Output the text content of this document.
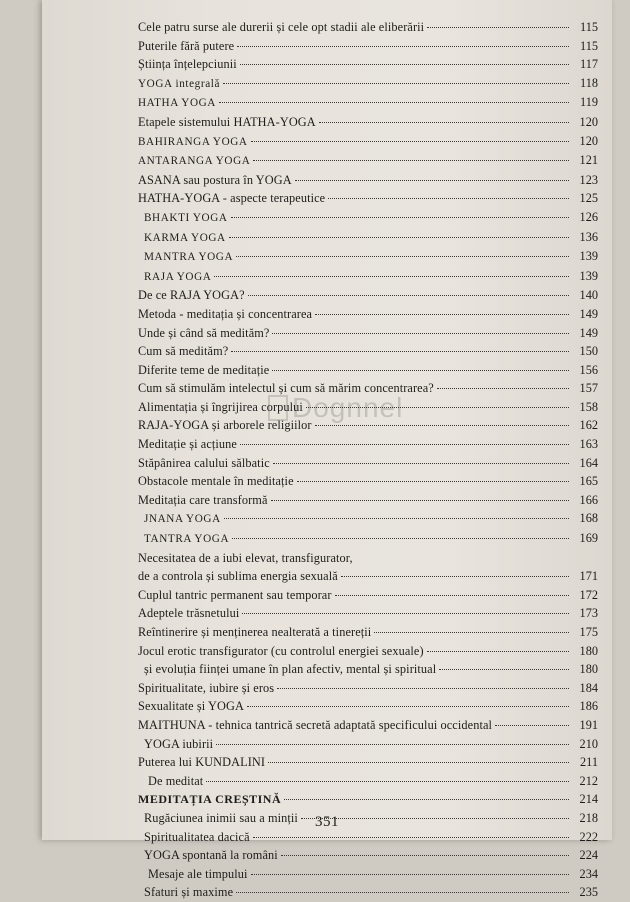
Cele patru surse ale durerii și cele opt stadii ale eliberării	115
Puterile fără putere	115
Știința înțelepciunii	117
YOGA integrală	118
HATHA YOGA	119
Etapele sistemului HATHA-YOGA	120
BAHIRANGA YOGA	120
ANTARANGA YOGA	121
ASANA sau postura în YOGA	123
HATHA-YOGA - aspecte terapeutice	125
BHAKTI YOGA	126
KARMA YOGA	136
MANTRA YOGA	139
RAJA YOGA	139
De ce RAJA YOGA?	140
Metoda - meditația și concentrarea	149
Unde și când să medităm?	149
Cum să medităm?	150
Diferite teme de meditație	156
Cum să stimulăm intelectul și cum să mărim concentrarea?	157
Alimentația și îngrijirea corpului	158
RAJA-YOGA și arborele religiilor	162
Meditație și acțiune	163
Stăpânirea calului sălbatic	164
Obstacole mentale în meditație	165
Meditația care transformă	166
JNANA YOGA	168
TANTRA YOGA	169
Necesitatea de a iubi elevat, transfigurator,
de a controla și sublima energia sexuală	171
Cuplul tantric permanent sau temporar	172
Adeptele trăsnetului	173
Reîntinerire și menținerea nealterată a tinereții	175
Jocul erotic transfigurator (cu controlul energiei sexuale)	180
și evoluția ființei umane în plan afectiv, mental și spiritual	180
Spiritualitate, iubire și eros	184
Sexualitate și YOGA	186
MAITHUNA - tehnica tantrică secretă adaptată specificului occidental	191
YOGA iubirii	210
Puterea lui KUNDALINI	211
De meditat	212
MEDITAȚIA CREȘTINĂ	214
Rugăciunea inimii sau a minții	218
Spiritualitatea dacică	222
YOGA spontană la români	224
Mesaje ale timpului	234
Sfaturi și maxime	235
Dognnel
351
